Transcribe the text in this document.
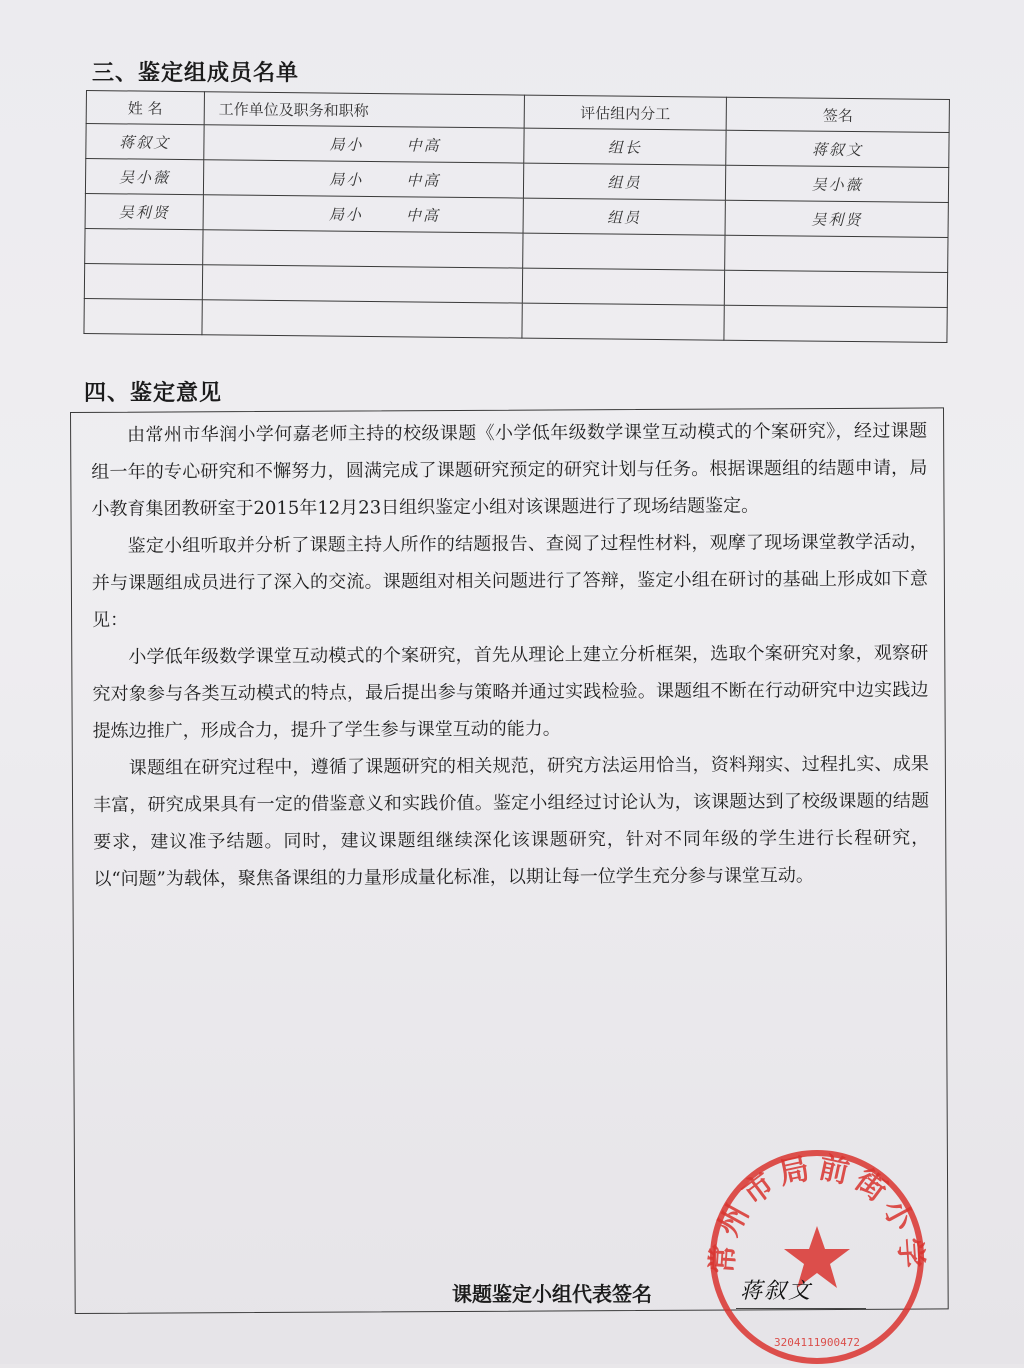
三、鉴定组成员名单
姓 名	工作单位及职务和职称	评估组内分工	签名
蒋叙文	局小 中高	组长	蒋叙文
吴小薇	局小 中高	组员	吴小薇
吴利贤	局小 中高	组员	吴利贤

四、鉴定意见

由常州市华润小学何嘉老师主持的校级课题《小学低年级数学课堂互动模式的个案研究》，经过课题组一年的专心研究和不懈努力，圆满完成了课题研究预定的研究计划与任务。根据课题组的结题申请，局小教育集团教研室于2015年12月23日组织鉴定小组对该课题进行了现场结题鉴定。

鉴定小组听取并分析了课题主持人所作的结题报告、查阅了过程性材料，观摩了现场课堂教学活动，并与课题组成员进行了深入的交流。课题组对相关问题进行了答辩，鉴定小组在研讨的基础上形成如下意见：

小学低年级数学课堂互动模式的个案研究，首先从理论上建立分析框架，选取个案研究对象，观察研究对象参与各类互动模式的特点，最后提出参与策略并通过实践检验。课题组不断在行动研究中边实践边提炼边推广，形成合力，提升了学生参与课堂互动的能力。

课题组在研究过程中，遵循了课题研究的相关规范，研究方法运用恰当，资料翔实、过程扎实、成果丰富，研究成果具有一定的借鉴意义和实践价值。鉴定小组经过讨论认为，该课题达到了校级课题的结题要求，建议准予结题。同时，建议课题组继续深化该课题研究，针对不同年级的学生进行长程研究，以“问题”为载体，聚焦备课组的力量形成量化标准，以期让每一位学生充分参与课堂互动。

常州市局前街小学
3204111900472
课题鉴定小组代表签名	蒋叙文
